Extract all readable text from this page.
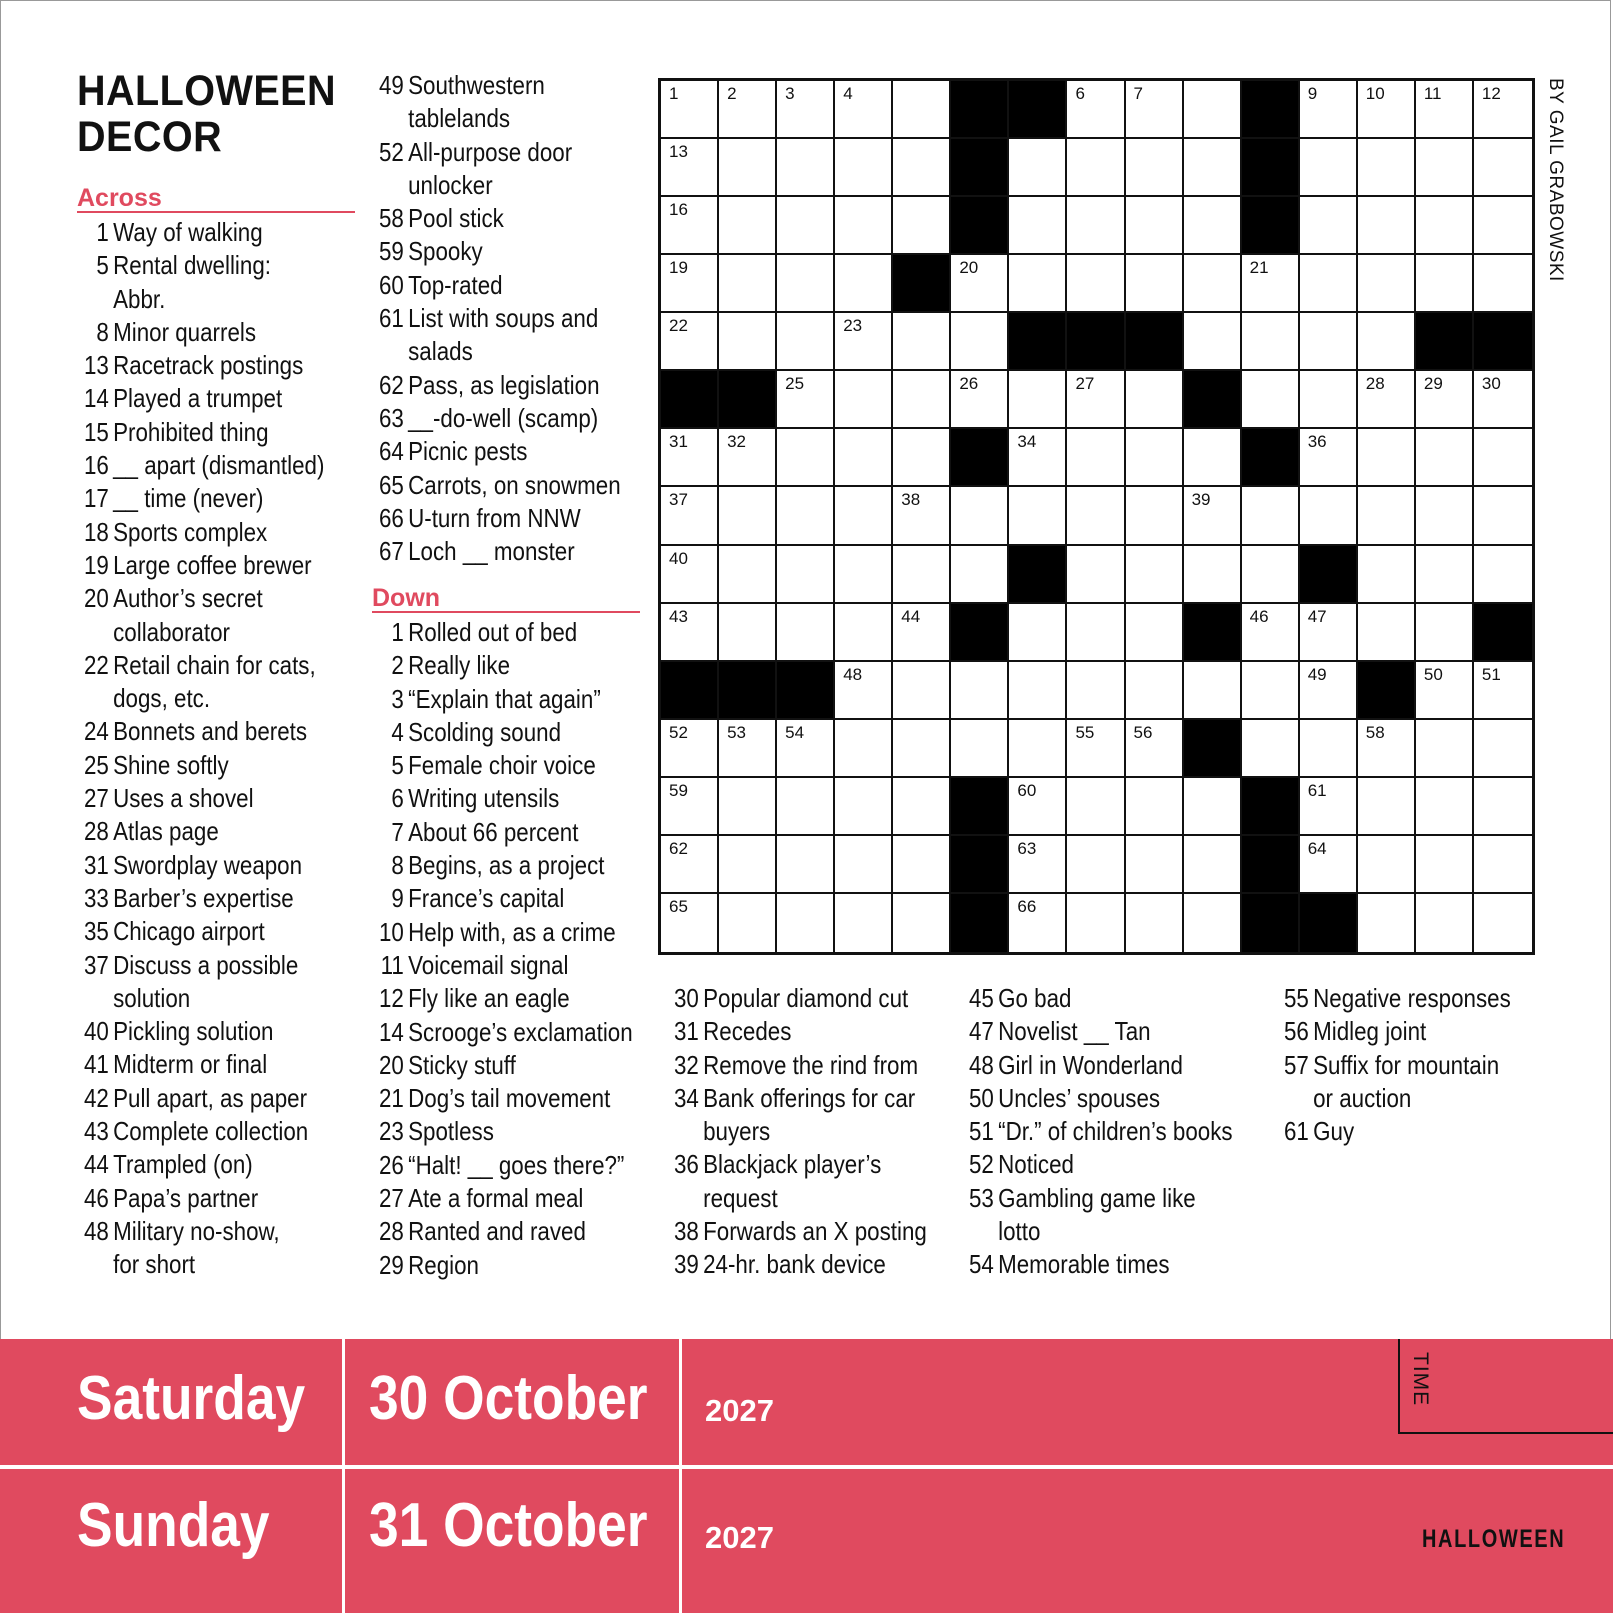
HALLOWEEN
DECOR
Across
Down
1 Way of walking
5 Rental dwelling:
Abbr.
8 Minor quarrels
13 Racetrack postings
14 Played a trumpet
15 Prohibited thing
16 __ apart (dismantled)
17 __ time (never)
18 Sports complex
19 Large coffee brewer
20 Author’s secret
collaborator
22 Retail chain for cats,
dogs, etc.
24 Bonnets and berets
25 Shine softly
27 Uses a shovel
28 Atlas page
31 Swordplay weapon
33 Barber’s expertise
35 Chicago airport
37 Discuss a possible
solution
40 Pickling solution
41 Midterm or final
42 Pull apart, as paper
43 Complete collection
44 Trampled (on)
46 Papa’s partner
48 Military no-show,
for short
49 Southwestern
tablelands
52 All-purpose door
unlocker
58 Pool stick
59 Spooky
60 Top-rated
61 List with soups and
salads
62 Pass, as legislation
63 __-do-well (scamp)
64 Picnic pests
65 Carrots, on snowmen
66 U-turn from NNW
67 Loch __ monster
1 Rolled out of bed
2 Really like
3 “Explain that again”
4 Scolding sound
5 Female choir voice
6 Writing utensils
7 About 66 percent
8 Begins, as a project
9 France’s capital
10 Help with, as a crime
11 Voicemail signal
12 Fly like an eagle
14 Scrooge’s exclamation
20 Sticky stuff
21 Dog’s tail movement
23 Spotless
26 “Halt! __ goes there?”
27 Ate a formal meal
28 Ranted and raved
29 Region
30 Popular diamond cut
31 Recedes
32 Remove the rind from
34 Bank offerings for car
buyers
36 Blackjack player’s
request
38 Forwards an X posting
39 24-hr. bank device
45 Go bad
47 Novelist __ Tan
48 Girl in Wonderland
50 Uncles’ spouses
51 “Dr.” of children’s books
52 Noticed
53 Gambling game like
lotto
54 Memorable times
55 Negative responses
56 Midleg joint
57 Suffix for mountain
or auction
61 Guy
1	2	3	4	6	7	9	10 11 12
13
16
19	20	21
22	23
25	26	27	28 29 30
31 32	34	36
37	38	39
40
43	44	46 47
48	49	50 51
52 53 54	55 56	58
59	60	61
62	63	64
65	66
BY GAIL GRABOWSKI
Saturday 30 October 2027
Sunday 31 October 2027
TIME
HALLOWEEN
